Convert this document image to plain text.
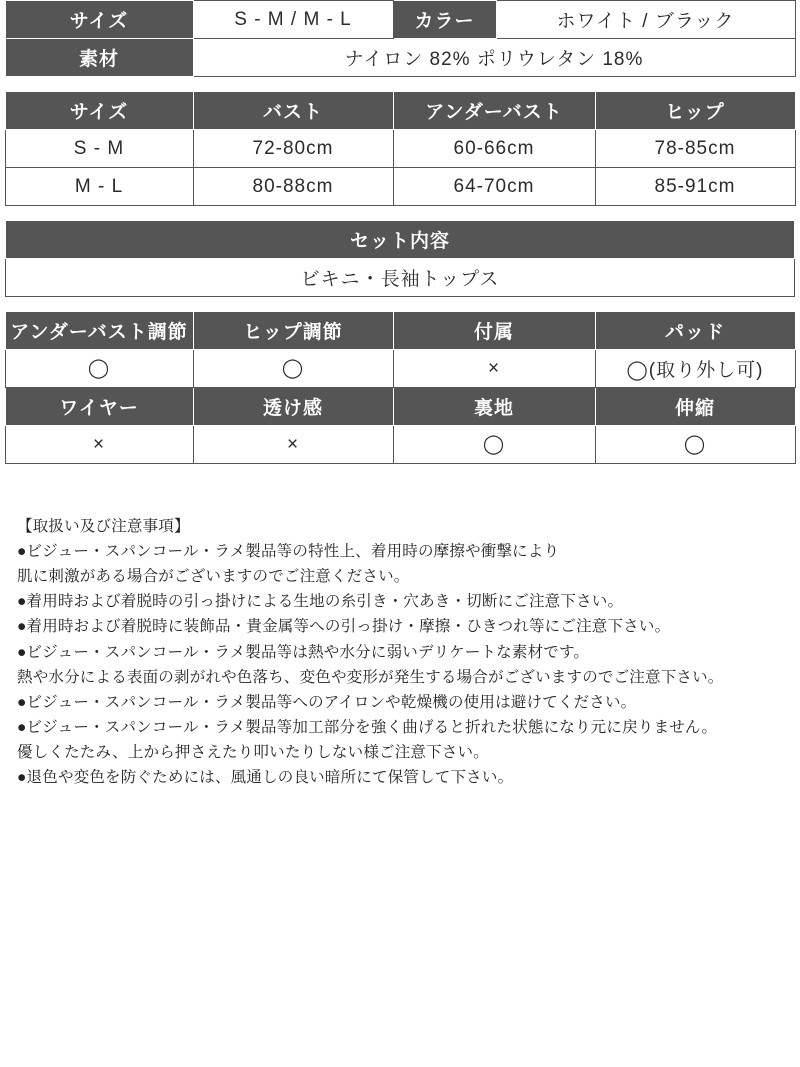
サイズ	S - M / M - L	カラー	ホワイト / ブラック
素材	ナイロン 82% ポリウレタン 18%		
サイズ	バスト	アンダーバスト	ヒップ
S - M	72-80cm	60-66cm	78-85cm
M - L	80-88cm	64-70cm	85-91cm
セット内容
ビキニ・長袖トップス
アンダーバスト調節	ヒップ調節	付属	パッド
◯	◯	×	◯(取り外し可)
ワイヤー	透け感	裏地	伸縮
×	×	◯	◯
【取扱い及び注意事項】
●ビジュー・スパンコール・ラメ製品等の特性上、着用時の摩擦や衝撃により
肌に刺激がある場合がございますのでご注意ください。
●着用時および着脱時の引っ掛けによる生地の糸引き・穴あき・切断にご注意下さい。
●着用時および着脱時に装飾品・貴金属等への引っ掛け・摩擦・ひきつれ等にご注意下さい。
●ビジュー・スパンコール・ラメ製品等は熱や水分に弱いデリケートな素材です。
熱や水分による表面の剥がれや色落ち、変色や変形が発生する場合がございますのでご注意下さい。
●ビジュー・スパンコール・ラメ製品等へのアイロンや乾燥機の使用は避けてください。
●ビジュー・スパンコール・ラメ製品等加工部分を強く曲げると折れた状態になり元に戻りません。
優しくたたみ、上から押さえたり叩いたりしない様ご注意下さい。
●退色や変色を防ぐためには、風通しの良い暗所にて保管して下さい。
